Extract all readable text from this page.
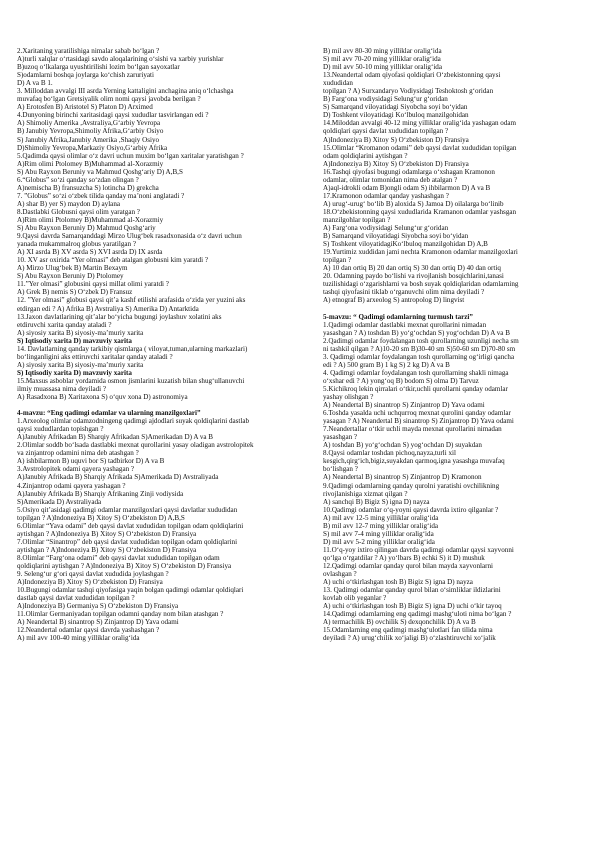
2.Xaritaning yaratilishiga nimalar sabab bo‘lgan ?
A)turli xalqlar o‘rtasidagi savdo aloqalarining o‘sishi va xarbiy yurishlar
B)uzoq o‘lkalarga uyushtirilishi lozim bo‘lgan sayoxatlar
S)odamlarni boshqa joylarga ko‘chish zaruriyati
D) A va B 1.
3. Milloddan avvalgi III asrda Yerning kattaligini anchagina aniq o‘lchashga
muvafaq bo‘lgan Gretsiyalik olim nomi qaysi javobda berilgan ?
A) Erotosfen B) Aristotel S) Platon D) Arximed
4.Dunyoning birinchi xaritasidagi qaysi xududlar tasvirlangan edi ?
A) Shimoliy Amerika ,Avstraliya,G‘arbiy Yevropa
B) Janubiy Yevropa,Shimoliy Afrika,G‘arbiy Osiyo
S) Janubiy Afrika,Janubiy Amerika ,Shaqiy Osiyo
D)Shimoliy Yevropa,Markaziy Osiyo,G‘arbiy Afrika
5.Qadimda qaysi olimlar o‘z davri uchun muxim bo‘lgan xaritalar yaratishgan ?
A)Rim olimi Ptolomey B)Muhammad al-Xorazmiy
S) Abu Rayxon Beruniy va Mahmud Qoshg‘ariy D) A,B,S
6.“Globus” so‘zi qanday so‘zdan olingan ?
A)nemischa B) fransuzcha S) lotincha D) grekcha
7. ”Globus” so‘zi o‘zbek tilida qanday ma’noni anglatadi ?
A) shar B) yer S) maydon D) aylana
8.Dastlabki Globusni qaysi olim yaratgan ?
A)Rim olimi Ptolomey B)Muhammad al-Xorazmiy
S) Abu Rayxon Beruniy D) Mahmud Qoshg‘ariy
9.Qaysi davrda Samarqanddagi Mirzo Ulug‘bek rasadxonasida o‘z davri uchun
yanada mukammalroq globus yaratilgan ?
A) XI asrda B) XV asrda S) XVI asrda D) IX asrda
10. XV asr oxirida “Yer olmasi” deb atalgan globusni kim yaratdi ?
A) Mirzo Ulug‘bek B) Martin Bexaym
S) Abu Rayxon Beruniy D) Ptolomey
11.”Yer olmasi” globusini qaysi millat olimi yaratdi ?
A) Grek B) nemis S) O‘zbek D) Fransuz
12. ”Yer olmasi” globusi qaysi qit’a kashf etilishi arafasida o‘zida yer yuzini aks
etdirgan edi ? A) Afrika B) Avstraliya S) Amerika D) Antarktida
13.Jaxon davlatlarining qit’alar bo‘yicha bugungi joylashuv xolatini aks
etdiruvchi xarita qanday ataladi ?
A) siyosiy xarita B) siyosiy-ma’muriy xarita
S) Iqtisodiy xarita D) mavzuviy xarita
14. Davlatlarning qanday tarkibiy qismlarga ( viloyat,tuman,ularning markazlari)
bo‘linganligini aks ettiruvchi xaritalar qanday ataladi ?
A) siyosiy xarita B) siyosiy-ma’muriy xarita
S) Iqtisodiy xarita D) mavzuviy xarita
15.Maxsus asboblar yordamida osmon jismlarini kuzatish bilan shug‘ullanuvchi
ilmiy muassasa nima deyiladi ?
A) Rasadxona B) Xaritaxona S) o‘quv xona D) astronomiya
4-mavzu: “Eng qadimgi odamlar va ularning manzilgoxlari”
1.Arxeolog olimlar odamzodningeng qadimgi ajdodlari suyak qoldiqlarini dastlab
qaysi xududlardan topishgan ?
A)Janubiy Afrikadan B) Sharqiy Afrikadan S)Amerikadan D) A va B
2.Olimlar soddb bo‘lsada dastlabki mexnat qurollarini yasay oladigan avstrolopitek
va zinjantrop odamini nima deb atashgan ?
A) ishbilarmon B) uquvi bor S) tadbirkor D) A va B
3.Avstrolopitek odami qayera yashagan ?
A)Janubiy Afrikada B) Sharqiy Afrikada S)Amerikada D) Avstraliyada
4.Zinjantrop odami qayera yashagan ?
A)Janubiy Afrikada B) Sharqiy Afrikaning Zinji vodiysida
S)Amerikada D) Avstraliyada
5.Osiyo qit’asidagi qadimgi odamlar manzilgoxlari qaysi davlatlar xududidan
topilgan ? A)Indoneziya B) Xitoy S) O‘zbekiston D) A,B,S
6.Olimlar “Yava odami” deb qaysi davlat xududidan topilgan odam qoldiqlarini
aytishgan ? A)Indoneziya B) Xitoy S) O‘zbekiston D) Fransiya
7.Olimlar “Sinantrop” deb qaysi davlat xududidan topilgan odam qoldiqlarini
aytishgan ? A)Indoneziya B) Xitoy S) O‘zbekiston D) Fransiya
8.Olimlar “Farg‘ona odami” deb qaysi davlat xududidan topilgan odam
qoldiqlarini aytishgan ? A)Indoneziya B) Xitoy S) O‘zbekiston D) Fransiya
9. Seleng‘ur g‘ori qaysi davlat xududida joylashgan ?
A)Indoneziya B) Xitoy S) O‘zbekiston D) Fransiya
10.Bugungi odamlar tashqi qiyofasiga yaqin bolgan qadimgi odamlar qoldiqlari
dastlab qaysi davlat xududidan topilgan ?
A)Indoneziya B) Germaniya S) O‘zbekiston D) Fransiya
11.Olimlar Germaniyadan topilgan odamni qanday nom bilan atashgan ?
A) Neandertal B) sinantrop S) Zinjantrop D) Yava odami
12.Neandertal odamlar qaysi davrda yashashgan ?
A) mil avv 100-40 ming yilliklar oralig‘ida
B) mil avv 80-30 ming yilliklar oralig‘ida
S) mil avv 70-20 ming yilliklar oralig‘ida
D) mil avv 50-10 ming yilliklar oralig‘ida
13.Neandertal odam qiyofasi qoldiqlari O‘zbekistonning qaysi
xududidan
topilgan ? A) Surxandaryo Vodiysidagi Teshoktosh g‘oridan
B) Farg‘ona vodiysidagi Selung‘ur g‘oridan
S) Samarqand viloyatidagi Siyobcha soyi bo‘yidan
D) Toshkent viloyatidagi Ko‘lbuloq manzilgohidan
14.Miloddan avvalgi 40-12 ming yilliklar oralig‘ida yashagan odam
qoldiqlari qaysi davlat xududidan topilgan ?
A)Indoneziya B) Xitoy S) O‘zbekiston D) Fransiya
15.Olimlar “Kromanon odami” deb qaysi davlat xududidan topilgan
odam qoldiqlarini aytishgan ?
A)Indoneziya B) Xitoy S) O‘zbekiston D) Fransiya
16.Tashqi qiyofasi bugungi odamlarga o‘xshagan Kramonon
odamlar, olimlar tomonidan nima deb atalgan ?
A)aql-idrokli odam B)ongli odam S) ihbilarmon D) A va B
17.Kramonon odamlar qanday yashashgan ?
A) urug‘-urug‘ bo‘lib B) aloxida S) Jamoa D) oilalarga bo‘linib
18.O‘zbekistonning qaysi xududlarida Kramanon odamlar yashsgan
manzilgohlar topilgan ?
A) Farg‘ona vodiysidagi Selung‘ur g‘oridan
B) Samarqand viloyatidagi Siyobcha soyi bo‘yidan
S) Toshkent viloyatidagiKo‘lbuloq manzilgohidan D) A,B
19.Yurtimiz xuddidan jami nechta Kramonon odamlar manzilgoxlari
topilgan ?
A) 10 dan ortiq B) 20 dan ortiq S) 30 dan ortiq D) 40 dan ortiq
20. Odamning paydo bo‘lishi va rivojlanish bosqichlarini,tanasi
tuzilishidagi o‘zgarishlarni va bosh suyak qoldiqlaridan odamlarning
tashqi qiyofasini tiklab o‘rganuvchi olim nima deyiladi ?
A) etnograf B) arxeolog S) antropolog D) lingvist
5-mavzu: “ Qadimgi odamlarning turmush tarzi”
1.Qadimgi odamlar dastlabki mexnat qurollarini nimadan
yasashgan ? A) toshdan B) yo‘g‘ochdan S) yog‘ochdan D) A va B
2.Qadimgi odamlar foydalangan tosh qurollarning uzunligi necha sm
ni tashkil qilgan ? A)10-20 sm B)30-40 sm S)50-60 sm D)70-80 sm
3. Qadimgi odamlar foydalangan tosh qurollarning og‘irligi qancha
edi ? A) 500 gram B) 1 kg S) 2 kg D) A va B
4. Qadimgi odamlar foydalangan tosh qurollarning shakli nimaga
o‘xshar edi ? A) yong‘oq B) bodom S) olma D) Tarvuz
5.Kichikroq lekin qirralari o‘tkir,uchli qurollarni qanday odamlar
yashay olishgan ?
A) Neandertal B) sinantrop S) Zinjantrop D) Yava odami
6.Toshda yasalda uchi uchqurroq mexnat qurolini qanday odamlar
yasagan ? A) Neandertal B) sinantrop S) Zinjantrop D) Yava odami
7.Neandertallar o‘tkir uchli mayda mexnat qurollarini nimadan
yasashgan ?
A) toshdan B) yo‘g‘ochdan S) yog‘ochdan D) suyakdan
8.Qaysi odamlar toshdan pichoq,nayza,turli xil
kesgich,qirg‘ich,bigiz,suyakdan qarmoq,igna yasashga muvafaq
bo‘lishgan ?
A) Neandertal B) sinantrop S) Zinjantrop D) Kramonon
9.Qadimgi odamlarning qanday qurolni yaratishi ovchilikning
rivojlanishiga xizmat qilgan ?
A) sanchqi B) Bigiz S) igna D) nayza
10.Qadimgi odamlar o‘q-yoyni qaysi davrda ixtiro qilganlar ?
A) mil avv 12-5 ming yilliklar oralig‘ida
B) mil avv 12-7 ming yilliklar oralig‘ida
S) mil avv 7-4 ming yilliklar oralig‘ida
D) mil avv 5-2 ming yilliklar oralig‘ida
11.O‘q-yoy ixtiro qilingan davrda qadimgi odamlar qaysi xayvonni
qo‘lga o‘rgatdilar ? A) yo‘lbars B) echki S) it D) mushuk
12.Qadimgi odamlar qanday qurol bilan mayda xayvonlarni
ovlashgan ?
A) uchi o‘tkirlashgan tosh B) Bigiz S) igna D) nayza
13. Qadimgi odamlar qanday qurol bilan o‘simliklar ildizlarini
kovlab olib yeganlar ?
A) uchi o‘tkirlashgan tosh B) Bigiz S) igna D) uchi o‘kir tayoq
14.Qadimgi odamlarning eng qadimgi mashg‘uloti nima bo‘lgan ?
A) termachilik B) ovchilik S) dexqonchilik D) A va B
15.Odamlarning eng qadimgi mashg‘ulotlari fan tilida nima
deyiladi ? A) urug‘chilik xo‘jaligi B) o‘zlashtiruvchi xo‘jalik
